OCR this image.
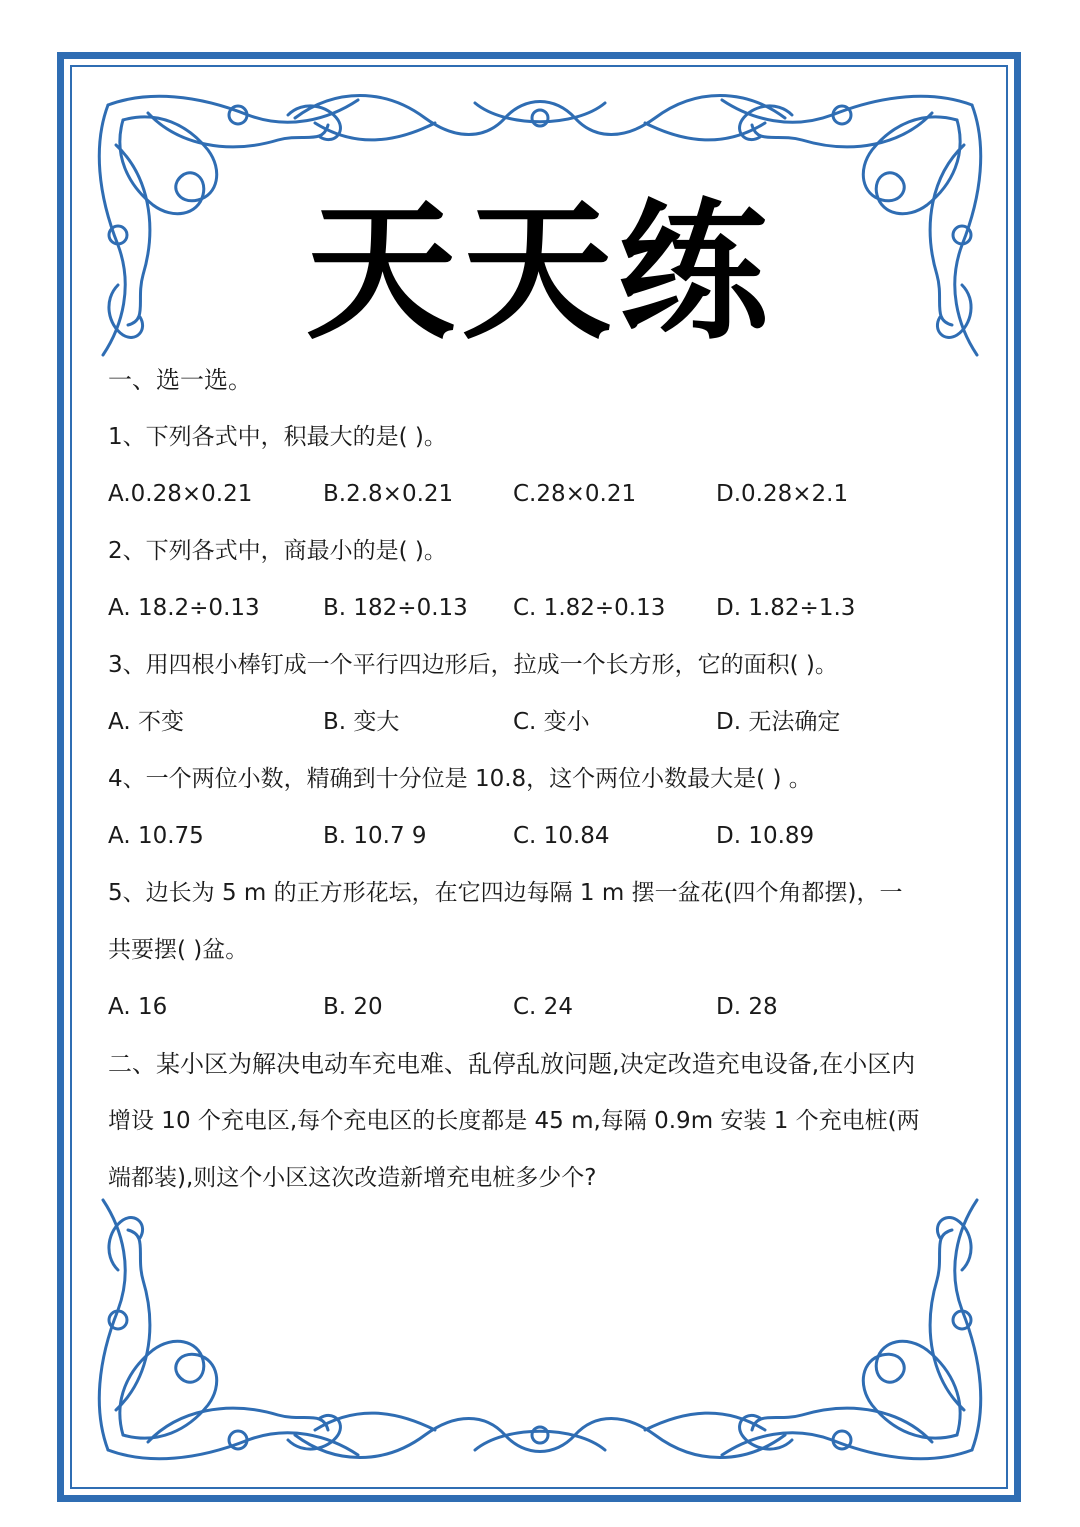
天天练
一、选一选。
1、下列各式中，积最大的是( )。
A.0.28×0.21	B.2.8×0.21	C.28×0.21	D.0.28×2.1
2、下列各式中，商最小的是( )。
A. 18.2÷0.13	B. 182÷0.13	C. 1.82÷0.13	D. 1.82÷1.3
3、用四根小棒钉成一个平行四边形后，拉成一个长方形，它的面积( )。
A. 不变	B. 变大	C. 变小	D. 无法确定
4、一个两位小数，精确到十分位是 10.8，这个两位小数最大是( ) 。
A. 10.75	B. 10.7 9	C. 10.84	D. 10.89
5、边长为 5 m 的正方形花坛，在它四边每隔 1 m 摆一盆花(四个角都摆)，一
共要摆( )盆。
A. 16	B. 20	C. 24	D. 28
二、某小区为解决电动车充电难、乱停乱放问题,决定改造充电设备,在小区内
增设 10 个充电区,每个充电区的长度都是 45 m,每隔 0.9m 安装 1 个充电桩(两
端都装),则这个小区这次改造新增充电桩多少个?
